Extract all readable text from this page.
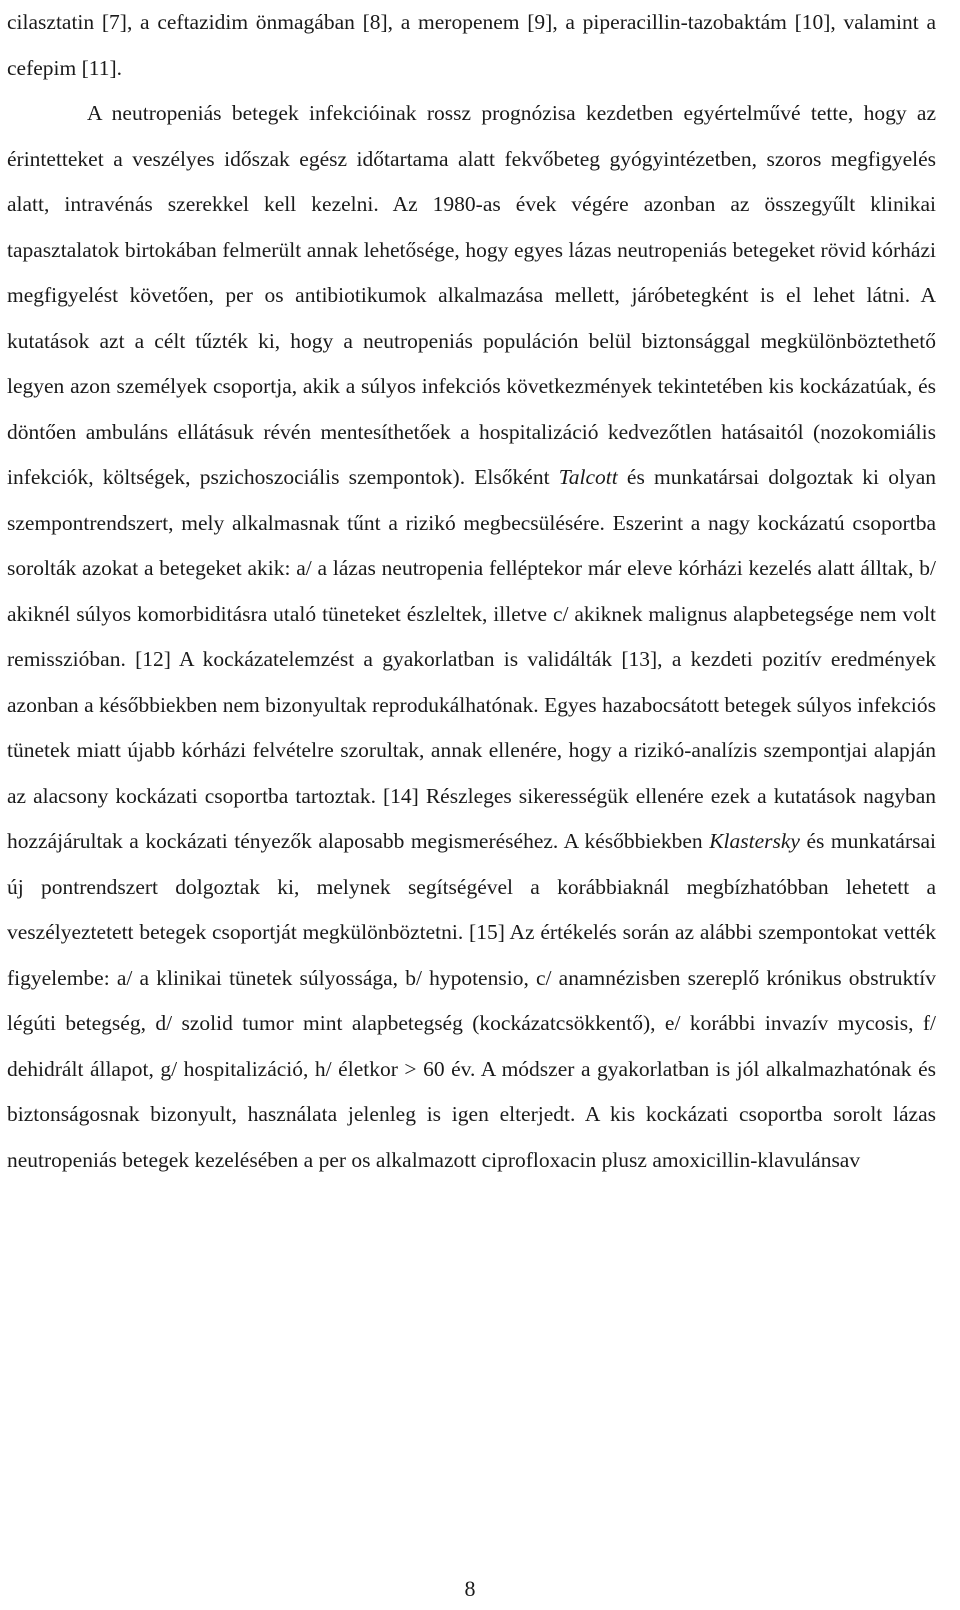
cilasztatin [7], a ceftazidim önmagában [8], a meropenem [9], a piperacillin-tazobaktám [10], valamint a cefepim [11].

A neutropeniás betegek infekcióinak rossz prognózisa kezdetben egyértelművé tette, hogy az érintetteket a veszélyes időszak egész időtartama alatt fekvőbeteg gyógyintézetben, szoros megfigyelés alatt, intravénás szerekkel kell kezelni. Az 1980-as évek végére azonban az összegyűlt klinikai tapasztalatok birtokában felmerült annak lehetősége, hogy egyes lázas neutropeniás betegeket rövid kórházi megfigyelést követően, per os antibiotikumok alkalmazása mellett, járóbetegként is el lehet látni. A kutatások azt a célt tűzték ki, hogy a neutropeniás populáción belül biztonsággal megkülönböztethető legyen azon személyek csoportja, akik a súlyos infekciós következmények tekintetében kis kockázatúak, és döntően ambuláns ellátásuk révén mentesíthetőek a hospitalizáció kedvezőtlen hatásaitól (nozokomiális infekciók, költségek, pszichoszociális szempontok). Elsőként Talcott és munkatársai dolgoztak ki olyan szempontrendszert, mely alkalmasnak tűnt a rizikó megbecsülésére. Eszerint a nagy kockázatú csoportba sorolták azokat a betegeket akik: a/ a lázas neutropenia felléptekor már eleve kórházi kezelés alatt álltak, b/ akiknél súlyos komorbiditásra utaló tüneteket észleltek, illetve c/ akiknek malignus alapbetegsége nem volt remisszióban. [12] A kockázatelemzést a gyakorlatban is validálták [13], a kezdeti pozitív eredmények azonban a későbbiekben nem bizonyultak reprodukálhatónak. Egyes hazabocsátott betegek súlyos infekciós tünetek miatt újabb kórházi felvételre szorultak, annak ellenére, hogy a rizikó-analízis szempontjai alapján az alacsony kockázati csoportba tartoztak. [14] Részleges sikerességük ellenére ezek a kutatások nagyban hozzájárultak a kockázati tényezők alaposabb megismeréséhez. A későbbiekben Klastersky és munkatársai új pontrendszert dolgoztak ki, melynek segítségével a korábbiaknál megbízhatóbban lehetett a veszélyeztetett betegek csoportját megkülönböztetni. [15] Az értékelés során az alábbi szempontokat vették figyelembe: a/ a klinikai tünetek súlyossága, b/ hypotensio, c/ anamnézisben szereplő krónikus obstruktív légúti betegség, d/ szolid tumor mint alapbetegség (kockázatcsökkentő), e/ korábbi invazív mycosis, f/ dehidrált állapot, g/ hospitalizáció, h/ életkor > 60 év. A módszer a gyakorlatban is jól alkalmazhatónak és biztonságosnak bizonyult, használata jelenleg is igen elterjedt. A kis kockázati csoportba sorolt lázas neutropeniás betegek kezelésében a per os alkalmazott ciprofloxacin plusz amoxicillin-klavulánsav

8
